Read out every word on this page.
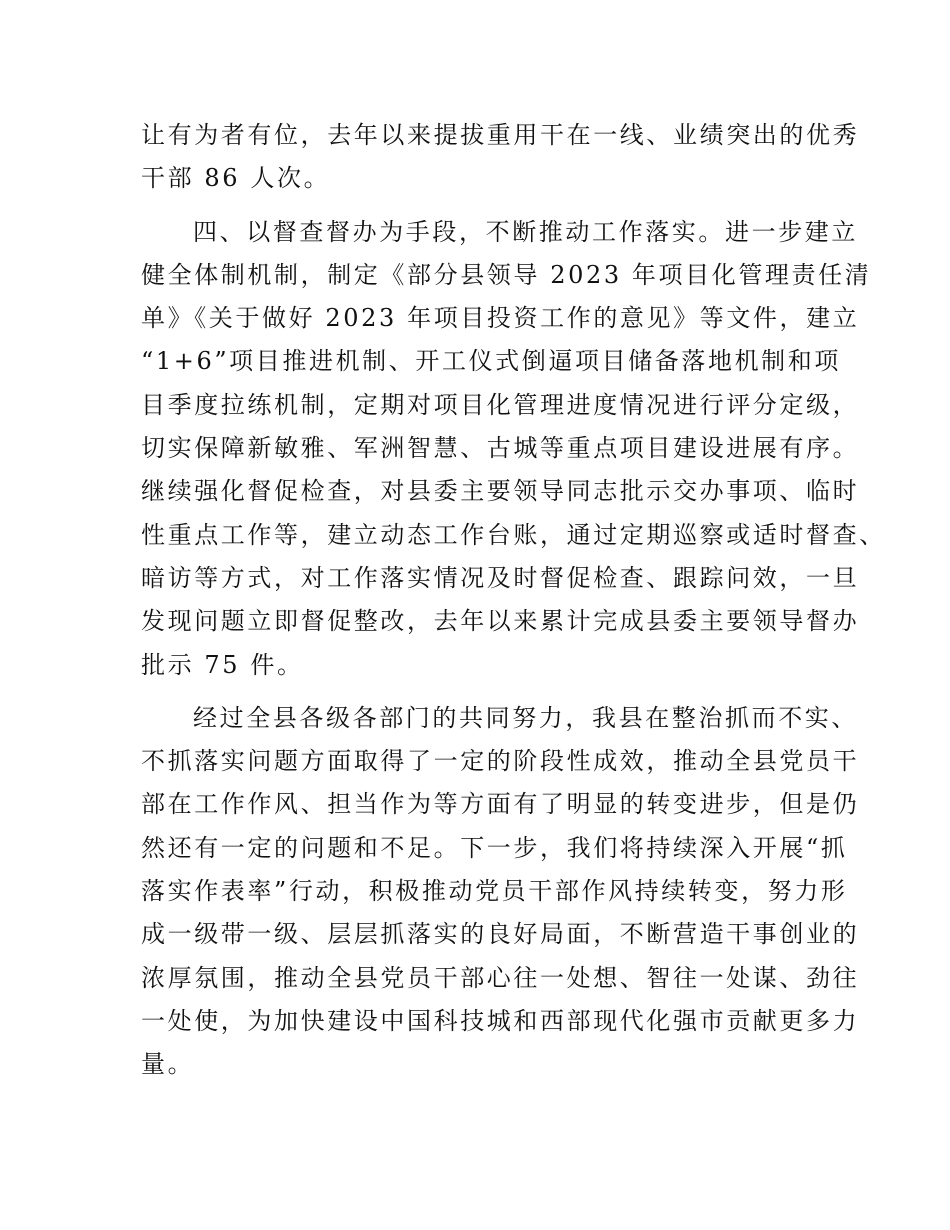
让有为者有位，去年以来提拔重用干在一线、业绩突出的优秀
干部 86 人次。

四、以督查督办为手段，不断推动工作落实。进一步建立
健全体制机制，制定《部分县领导 2023 年项目化管理责任清
单》《关于做好 2023 年项目投资工作的意见》等文件，建立
“1+6”项目推进机制、开工仪式倒逼项目储备落地机制和项
目季度拉练机制，定期对项目化管理进度情况进行评分定级，
切实保障新敏雅、军洲智慧、古城等重点项目建设进展有序。
继续强化督促检查，对县委主要领导同志批示交办事项、临时
性重点工作等，建立动态工作台账，通过定期巡察或适时督查、
暗访等方式，对工作落实情况及时督促检查、跟踪问效，一旦
发现问题立即督促整改，去年以来累计完成县委主要领导督办
批示 75 件。

经过全县各级各部门的共同努力，我县在整治抓而不实、
不抓落实问题方面取得了一定的阶段性成效，推动全县党员干
部在工作作风、担当作为等方面有了明显的转变进步，但是仍
然还有一定的问题和不足。下一步，我们将持续深入开展“抓
落实作表率”行动，积极推动党员干部作风持续转变，努力形
成一级带一级、层层抓落实的良好局面，不断营造干事创业的
浓厚氛围，推动全县党员干部心往一处想、智往一处谋、劲往
一处使，为加快建设中国科技城和西部现代化强市贡献更多力
量。
